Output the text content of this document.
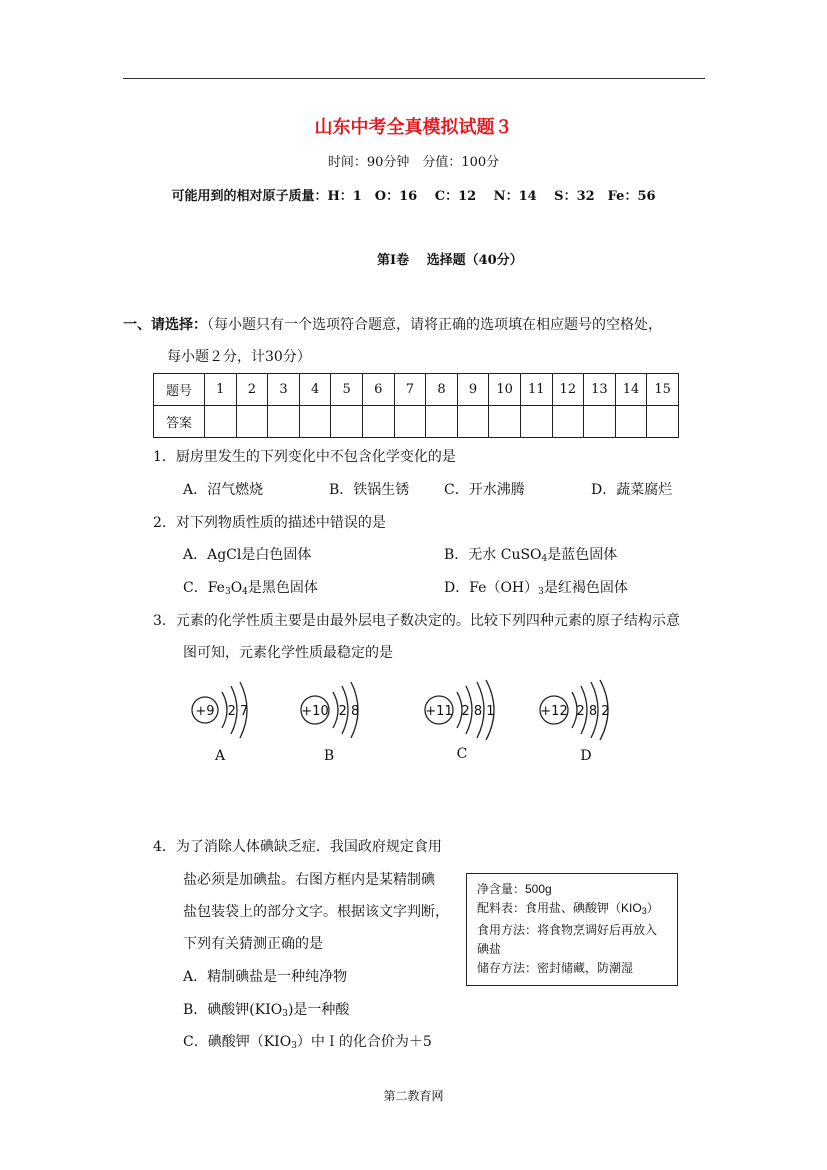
山东中考全真模拟试题３
时间：90分钟　分值：100分
可能用到的相对原子质量：H：1　O：16　 C：12　 N：14　 S：32　Fe：56
第Ⅰ卷　 选择题（40分）
一、请选择：（每小题只有一个选项符合题意，请将正确的选项填在相应题号的空格处，
每小题２分，计30分）
题号	1	2	3	4	5	6	7	8	9	10	11	12	13	14	15
答案															
1．厨房里发生的下列变化中不包含化学变化的是
A．沼气燃烧	B．铁锅生锈 C．开水沸腾	D．蔬菜腐烂
2．对下列物质性质的描述中错误的是
A．AgCl是白色固体	B．无水 CuSO$_4$是蓝色固体
C．$Fe_3O_4$是黑色固体	D．$Fe(OH)_3$是红褐色固体
3．元素的化学性质主要是由最外层电子数决定的。比较下列四种元素的原子结构示意
图可知，元素化学性质最稳定的是
+9 2 7	+10 2 8	+11 2 8 1	+12 2 8 2
A	B	C	D
4．为了消除人体碘缺乏症．我国政府规定食用
盐必须是加碘盐。右图方框内是某精制碘
盐包装袋上的部分文字。根据该文字判断，
下列有关猜测正确的是
A．精制碘盐是一种纯净物
B．碘酸钾$(KIO_3)$是一种酸
C．碘酸钾$(KIO_3)$中Ｉ的化合价为＋5
净含量：500g
配料表：食用盐、碘酸钾$(KIO_3)$
食用方法：将食物烹调好后再放入
碘盐
储存方法：密封储藏，防潮湿
第二教育网
